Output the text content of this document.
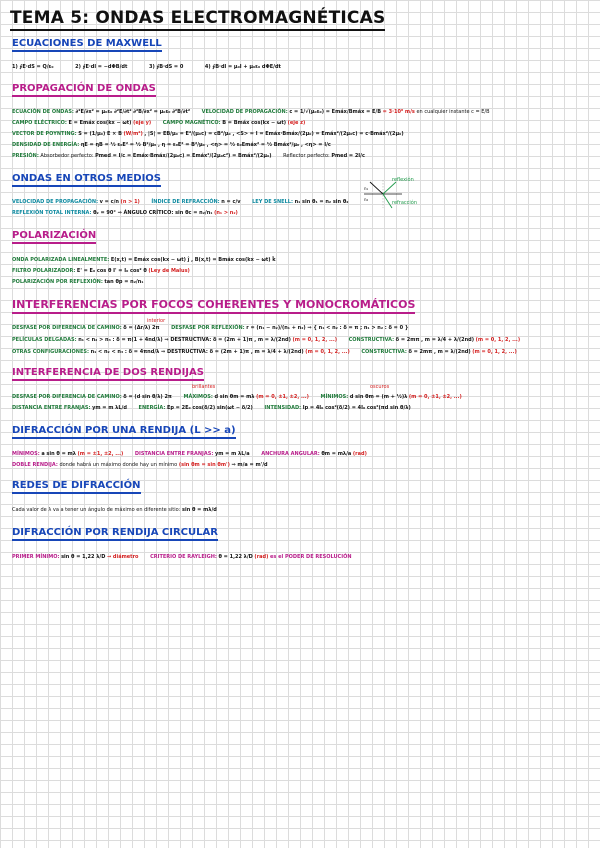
TEMA 5: ONDAS ELECTROMAGNÉTICAS
ECUACIONES DE MAXWELL
1) ∮E·dS = Q/ε₀	2) ∮E·dl = −dΦB/dt	3) ∮B·dS = 0	4) ∮B·dl = μ₀I + μ₀ε₀ dΦE/dt
PROPAGACIÓN DE ONDAS
ECUACIÓN DE ONDAS: ∂²E/∂x² = μ₀ε₀ ∂²E/∂t² ∂²B/∂x² = μ₀ε₀ ∂²B/∂t² VELOCIDAD DE PROPAGACIÓN: c = 1/√(μ₀ε₀) = Emáx/Bmáx = E/B = 3·10⁸ m/s en cualquier instante c = E/B
CAMPO ELÉCTRICO: E = Emáx cos(kx − ωt) (eje y) CAMPO MAGNÉTICO: B = Bmáx cos(kx − ωt) (eje z)
VECTOR DE POYNTING: S = (1/μ₀) E × B (W/m²) , |S| = EB/μ₀ = E²/(μ₀c) = cB²/μ₀ , <S> = I = Emáx·Bmáx/(2μ₀) = Emáx²/(2μ₀c) = c·Bmáx²/(2μ₀)
DENSIDAD DE ENERGÍA: ηE = ηB = ½ ε₀E² = ½ B²/μ₀ , η = ε₀E² = B²/μ₀ , <η> = ½ ε₀Emáx² = ½ Bmáx²/μ₀ , <η> = I/c
PRESIÓN: Absorbedor perfecto: Pmed = I/c = Emáx·Bmáx/(2μ₀c) = Emáx²/(2μ₀c²) = Bmáx²/(2μ₀) Reflector perfecto: Pmed = 2I/c
ONDAS EN OTROS MEDIOS
VELOCIDAD DE PROPAGACIÓN: v = c/n (n > 1) ÍNDICE DE REFRACCIÓN: n = c/v LEY DE SNELL: n₁ sin θ₁ = n₂ sin θ₂
REFLEXIÓN TOTAL INTERNA: θ₂ = 90° ⇒ ÁNGULO CRÍTICO: sin θc = n₂/n₁ (n₁ > n₂)
n₁
n₂
reflexión
refracción
POLARIZACIÓN
ONDA POLARIZADA LINEALMENTE: E(x,t) = Emáx cos(kx − ωt) ĵ , B(x,t) = Bmáx cos(kx − ωt) k̂
FILTRO POLARIZADOR: E' = E₀ cos θ I' = I₀ cos² θ (Ley de Malus)
POLARIZACIÓN POR REFLEXIÓN: tan θp = n₂/n₁
INTERFERENCIAS POR FOCOS COHERENTES Y MONOCROMÁTICOS
interior
DESFASE POR DIFERENCIA DE CAMINO: δ = (Δr/λ) 2π DESFASE POR REFLEXIÓN: r = (n₁ − n₂)/(n₁ + n₂) ⇒ { n₁ < n₂ : δ = π ; n₁ > n₂ : δ = 0 }
PELÍCULAS DELGADAS: n₁ < n₂ > n₃ : δ = π(1 + 4nd/λ) ⇒ DESTRUCTIVA: δ = (2m + 1)π , m = λ/(2nd) (m = 0, 1, 2, ...) CONSTRUCTIVA: δ = 2mπ , m = λ/4 + λ/(2nd) (m = 0, 1, 2, ...)
OTRAS CONFIGURACIONES: n₁ < n₂ < n₃ : δ = 4πnd/λ ⇒ DESTRUCTIVA: δ = (2m + 1)π , m = λ/4 + λ/(2nd) (m = 0, 1, 2, ...) CONSTRUCTIVA: δ = 2mπ , m = λ/(2nd) (m = 0, 1, 2, ...)
INTERFERENCIA DE DOS RENDIJAS
brillantes	oscuros
DESFASE POR DIFERENCIA DE CAMINO: δ = (d sin θ/λ) 2π MÁXIMOS: d sin θm = mλ (m = 0, ±1, ±2, ...) MÍNIMOS: d sin θm = (m + ½)λ (m = 0, ±1, ±2, ...)
DISTANCIA ENTRE FRANJAS: ym = m λL/d ENERGÍA: Ep = 2E₀ cos(δ/2) sin(ωt − δ/2) INTENSIDAD: Ip = 4I₀ cos²(δ/2) = 4I₀ cos²(πd sin θ/λ)
DIFRACCIÓN POR UNA RENDIJA (L >> a)
MÍNIMOS: a sin θ = mλ (m = ±1, ±2, ...) DISTANCIA ENTRE FRANJAS: ym = m λL/a ANCHURA ANGULAR: θm = mλ/a (rad)
DOBLE RENDIJA: donde habrá un máximo donde hay un mínimo (sin θm = sin θm') ⇒ m/a = m'/d
REDES DE DIFRACCIÓN
Cada valor de λ va a tener un ángulo de máximo en diferente sitio: sin θ = mλ/d
DIFRACCIÓN POR RENDIJA CIRCULAR
PRIMER MÍNIMO: sin θ = 1,22 λ/D → diámetro CRITERIO DE RAYLEIGH: θ = 1,22 λ/D (rad) es el PODER DE RESOLUCIÓN
